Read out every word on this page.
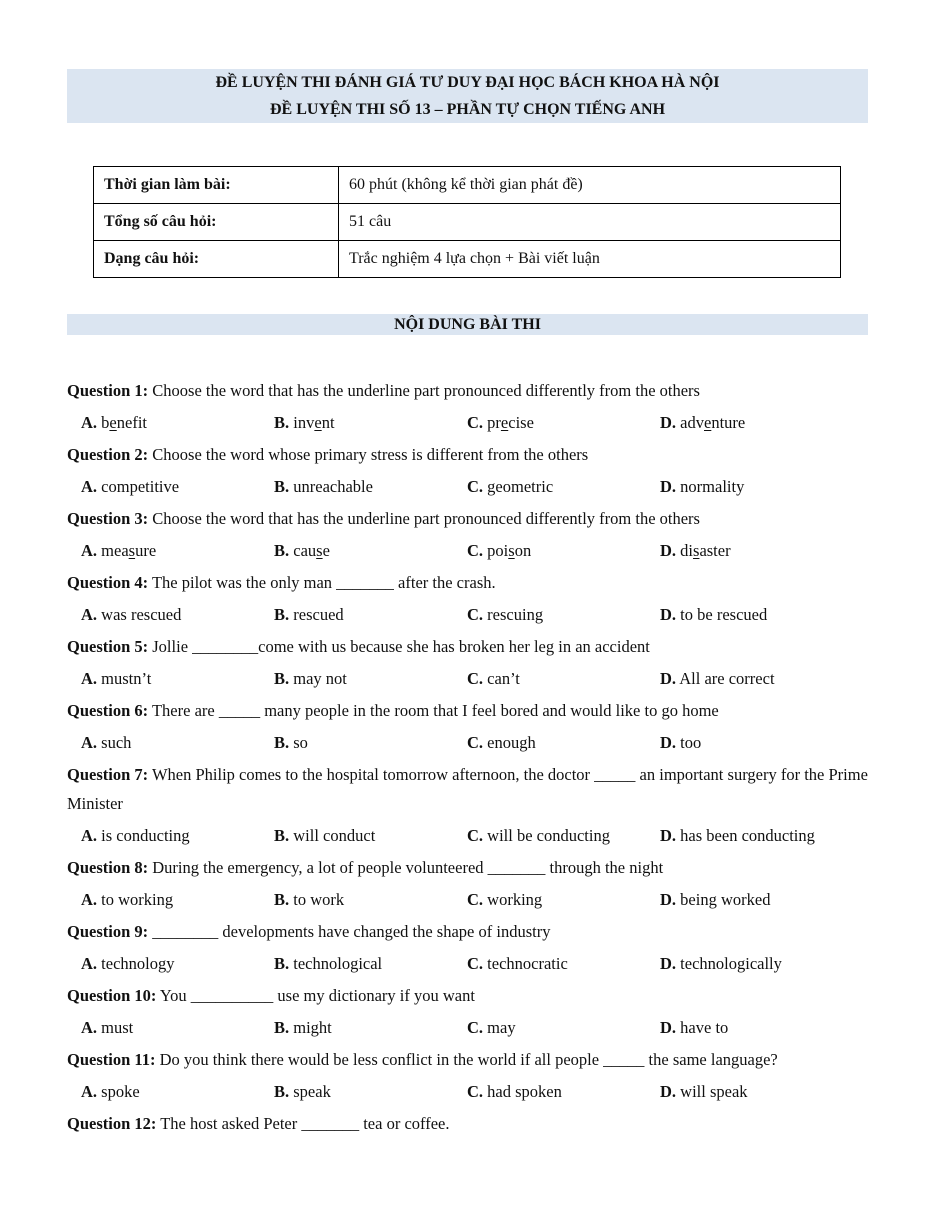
ĐỀ LUYỆN THI ĐÁNH GIÁ TƯ DUY ĐẠI HỌC BÁCH KHOA HÀ NỘI
ĐỀ LUYỆN THI SỐ 13 – PHẦN TỰ CHỌN TIẾNG ANH
Thời gian làm bài:	60 phút (không kể thời gian phát đề)
Tổng số câu hỏi:	51 câu
Dạng câu hỏi:	Trắc nghiệm 4 lựa chọn + Bài viết luận
NỘI DUNG BÀI THI
Question 1: Choose the word that has the underline part pronounced differently from the others
A. benefit	B. invent	C. precise	D. adventure
Question 2: Choose the word whose primary stress is different from the others
A. competitive	B. unreachable	C. geometric	D. normality
Question 3: Choose the word that has the underline part pronounced differently from the others
A. measure	B. cause	C. poison	D. disaster
Question 4: The pilot was the only man _______ after the crash.
A. was rescued	B. rescued	C. rescuing	D. to be rescued
Question 5: Jollie ________come with us because she has broken her leg in an accident
A. mustn’t	B. may not	C. can’t	D. All are correct
Question 6: There are _____ many people in the room that I feel bored and would like to go home
A. such	B. so	C. enough	D. too
Question 7: When Philip comes to the hospital tomorrow afternoon, the doctor _____ an important surgery for the Prime Minister
A. is conducting	B. will conduct	C. will be conducting	D. has been conducting
Question 8: During the emergency, a lot of people volunteered _______ through the night
A. to working	B. to work	C. working	D. being worked
Question 9: ________ developments have changed the shape of industry
A. technology	B. technological	C. technocratic	D. technologically
Question 10: You __________ use my dictionary if you want
A. must	B. might	C. may	D. have to
Question 11: Do you think there would be less conflict in the world if all people _____ the same language?
A. spoke	B. speak	C. had spoken	D. will speak
Question 12: The host asked Peter _______ tea or coffee.
